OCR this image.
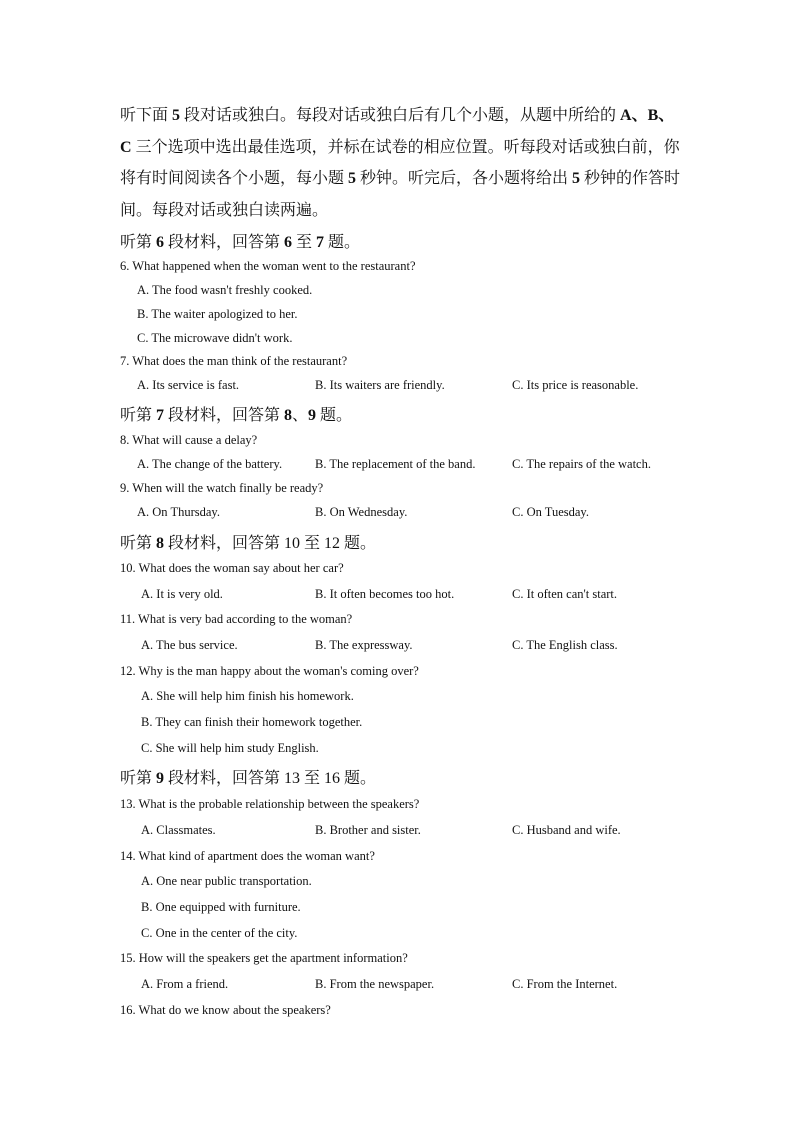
听下面 5 段对话或独白。每段对话或独白后有几个小题，从题中所给的 A、B、
C 三个选项中选出最佳选项，并标在试卷的相应位置。听每段对话或独白前，你
将有时间阅读各个小题，每小题 5 秒钟。听完后，各小题将给出 5 秒钟的作答时
间。每段对话或独白读两遍。
听第 6 段材料，回答第 6 至 7 题。
6. What happened when the woman went to the restaurant?
A. The food wasn't freshly cooked.
B. The waiter apologized to her.
C. The microwave didn't work.
7. What does the man think of the restaurant?
A. Its service is fast.	B. Its waiters are friendly.	C. Its price is reasonable.
听第 7 段材料，回答第 8、9 题。
8. What will cause a delay?
A. The change of the battery.	B. The replacement of the band.	C. The repairs of the watch.
9. When will the watch finally be ready?
A. On Thursday.	B. On Wednesday.	C. On Tuesday.
听第 8 段材料，回答第 10 至 12 题。
10. What does the woman say about her car?
A. It is very old.	B. It often becomes too hot.	C. It often can't start.
11. What is very bad according to the woman?
A. The bus service.	B. The expressway.	C. The English class.
12. Why is the man happy about the woman's coming over?
A. She will help him finish his homework.
B. They can finish their homework together.
C. She will help him study English.
听第 9 段材料，回答第 13 至 16 题。
13. What is the probable relationship between the speakers?
A. Classmates.	B. Brother and sister.	C. Husband and wife.
14. What kind of apartment does the woman want?
A. One near public transportation.
B. One equipped with furniture.
C. One in the center of the city.
15. How will the speakers get the apartment information?
A. From a friend.	B. From the newspaper.	C. From the Internet.
16. What do we know about the speakers?
